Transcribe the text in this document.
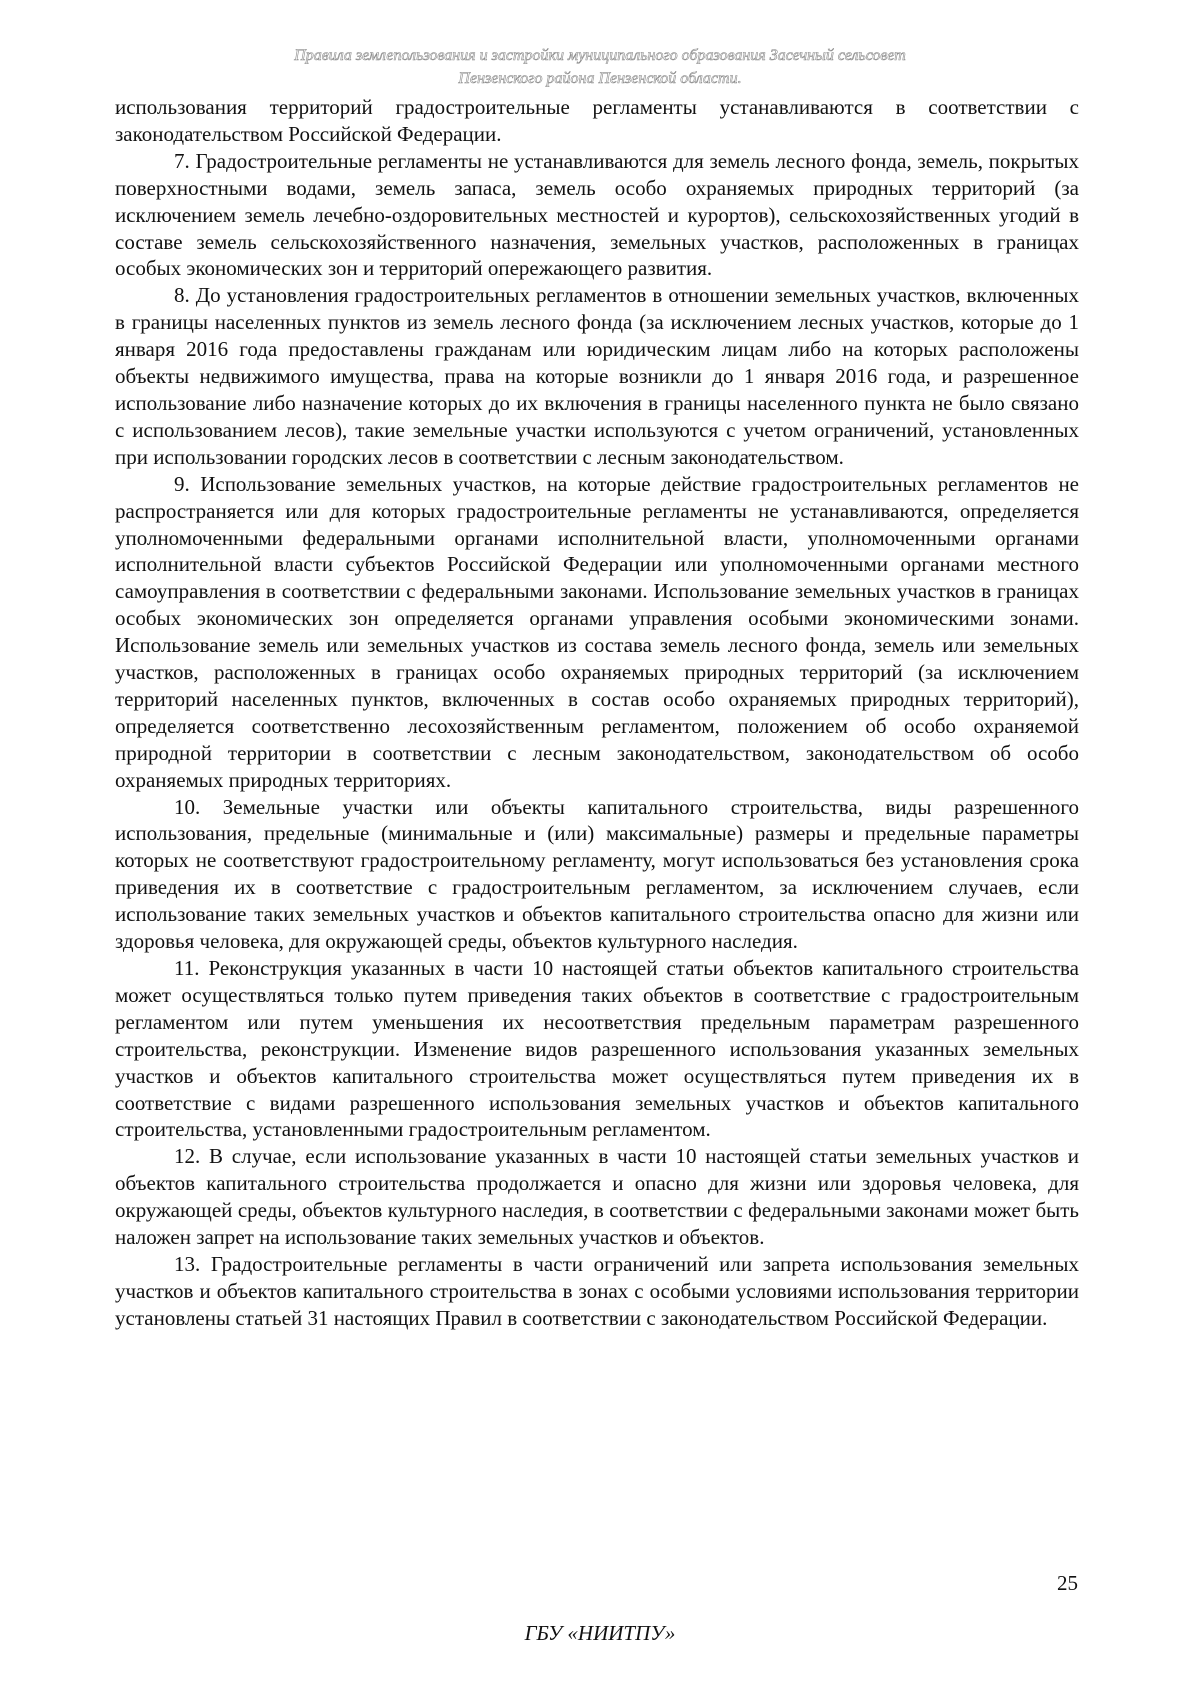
Правила землепользования и застройки муниципального образования Засечный сельсовет
Пензенского района Пензенской области.

использования территорий градостроительные регламенты устанавливаются в соответствии с законодательством Российской Федерации.

7. Градостроительные регламенты не устанавливаются для земель лесного фонда, земель, покрытых поверхностными водами, земель запаса, земель особо охраняемых природных территорий (за исключением земель лечебно-оздоровительных местностей и курортов), сельскохозяйственных угодий в составе земель сельскохозяйственного назначения, земельных участков, расположенных в границах особых экономических зон и территорий опережающего развития.

8. До установления градостроительных регламентов в отношении земельных участков, включенных в границы населенных пунктов из земель лесного фонда (за исключением лесных участков, которые до 1 января 2016 года предоставлены гражданам или юридическим лицам либо на которых расположены объекты недвижимого имущества, права на которые возникли до 1 января 2016 года, и разрешенное использование либо назначение которых до их включения в границы населенного пункта не было связано с использованием лесов), такие земельные участки используются с учетом ограничений, установленных при использовании городских лесов в соответствии с лесным законодательством.

9. Использование земельных участков, на которые действие градостроительных регламентов не распространяется или для которых градостроительные регламенты не устанавливаются, определяется уполномоченными федеральными органами исполнительной власти, уполномоченными органами исполнительной власти субъектов Российской Федерации или уполномоченными органами местного самоуправления в соответствии с федеральными законами. Использование земельных участков в границах особых экономических зон определяется органами управления особыми экономическими зонами. Использование земель или земельных участков из состава земель лесного фонда, земель или земельных участков, расположенных в границах особо охраняемых природных территорий (за исключением территорий населенных пунктов, включенных в состав особо охраняемых природных территорий), определяется соответственно лесохозяйственным регламентом, положением об особо охраняемой природной территории в соответствии с лесным законодательством, законодательством об особо охраняемых природных территориях.

10. Земельные участки или объекты капитального строительства, виды разрешенного использования, предельные (минимальные и (или) максимальные) размеры и предельные параметры которых не соответствуют градостроительному регламенту, могут использоваться без установления срока приведения их в соответствие с градостроительным регламентом, за исключением случаев, если использование таких земельных участков и объектов капитального строительства опасно для жизни или здоровья человека, для окружающей среды, объектов культурного наследия.

11. Реконструкция указанных в части 10 настоящей статьи объектов капитального строительства может осуществляться только путем приведения таких объектов в соответствие с градостроительным регламентом или путем уменьшения их несоответствия предельным параметрам разрешенного строительства, реконструкции. Изменение видов разрешенного использования указанных земельных участков и объектов капитального строительства может осуществляться путем приведения их в соответствие с видами разрешенного использования земельных участков и объектов капитального строительства, установленными градостроительным регламентом.

12. В случае, если использование указанных в части 10 настоящей статьи земельных участков и объектов капитального строительства продолжается и опасно для жизни или здоровья человека, для окружающей среды, объектов культурного наследия, в соответствии с федеральными законами может быть наложен запрет на использование таких земельных участков и объектов.

13. Градостроительные регламенты в части ограничений или запрета использования земельных участков и объектов капитального строительства в зонах с особыми условиями использования территории установлены статьей 31 настоящих Правил в соответствии с законодательством Российской Федерации.

25
ГБУ «НИИТПУ»
